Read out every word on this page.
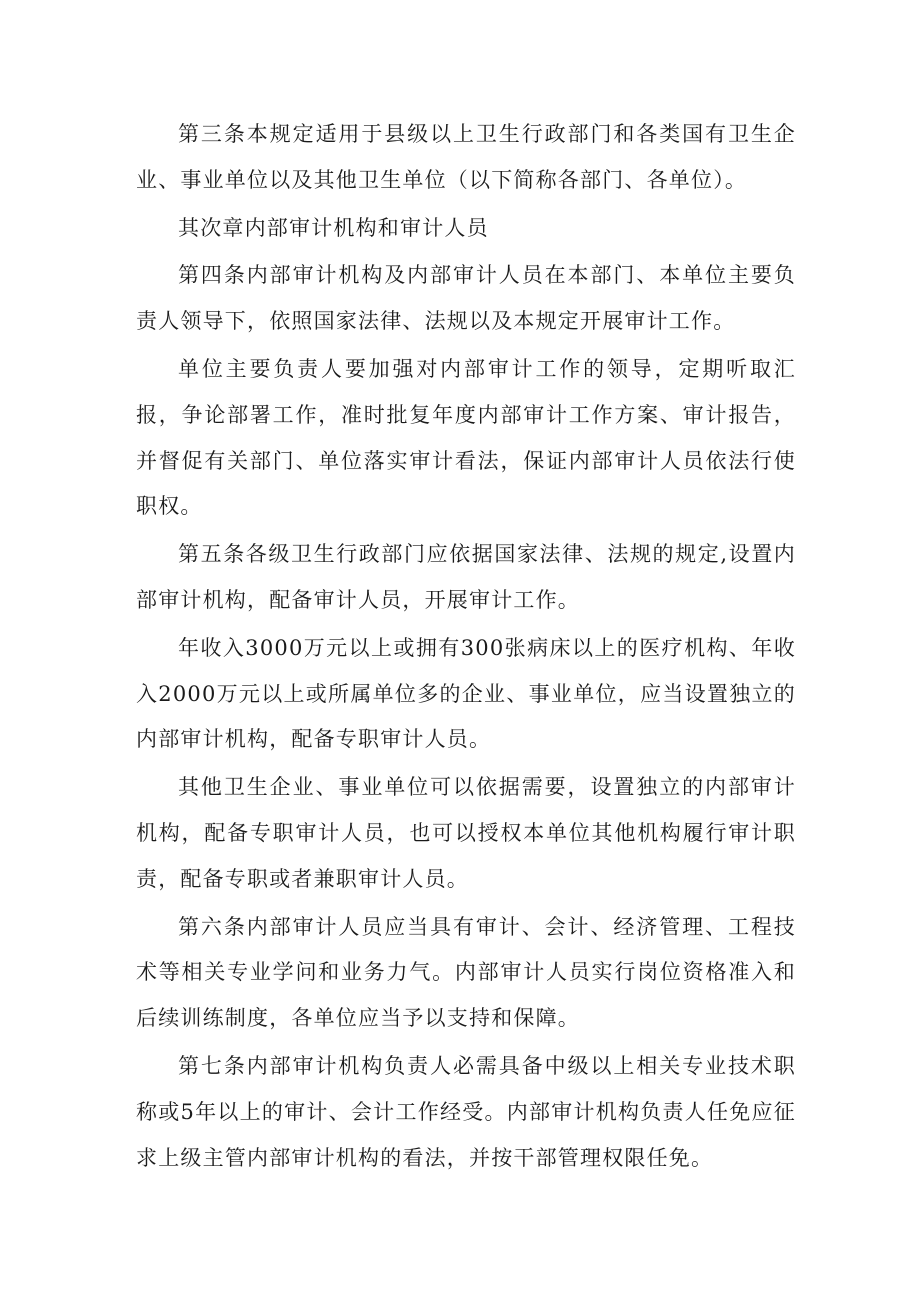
第三条本规定适用于县级以上卫生行政部门和各类国有卫生企业、事业单位以及其他卫生单位（以下简称各部门、各单位）。

其次章内部审计机构和审计人员

第四条内部审计机构及内部审计人员在本部门、本单位主要负责人领导下，依照国家法律、法规以及本规定开展审计工作。

单位主要负责人要加强对内部审计工作的领导，定期听取汇报，争论部署工作，准时批复年度内部审计工作方案、审计报告，并督促有关部门、单位落实审计看法，保证内部审计人员依法行使职权。

第五条各级卫生行政部门应依据国家法律、法规的规定,设置内部审计机构，配备审计人员，开展审计工作。

年收入3000万元以上或拥有300张病床以上的医疗机构、年收入2000万元以上或所属单位多的企业、事业单位，应当设置独立的内部审计机构，配备专职审计人员。

其他卫生企业、事业单位可以依据需要，设置独立的内部审计机构，配备专职审计人员，也可以授权本单位其他机构履行审计职责，配备专职或者兼职审计人员。

第六条内部审计人员应当具有审计、会计、经济管理、工程技术等相关专业学问和业务力气。内部审计人员实行岗位资格准入和后续训练制度，各单位应当予以支持和保障。

第七条内部审计机构负责人必需具备中级以上相关专业技术职称或5年以上的审计、会计工作经受。内部审计机构负责人任免应征求上级主管内部审计机构的看法，并按干部管理权限任免。
